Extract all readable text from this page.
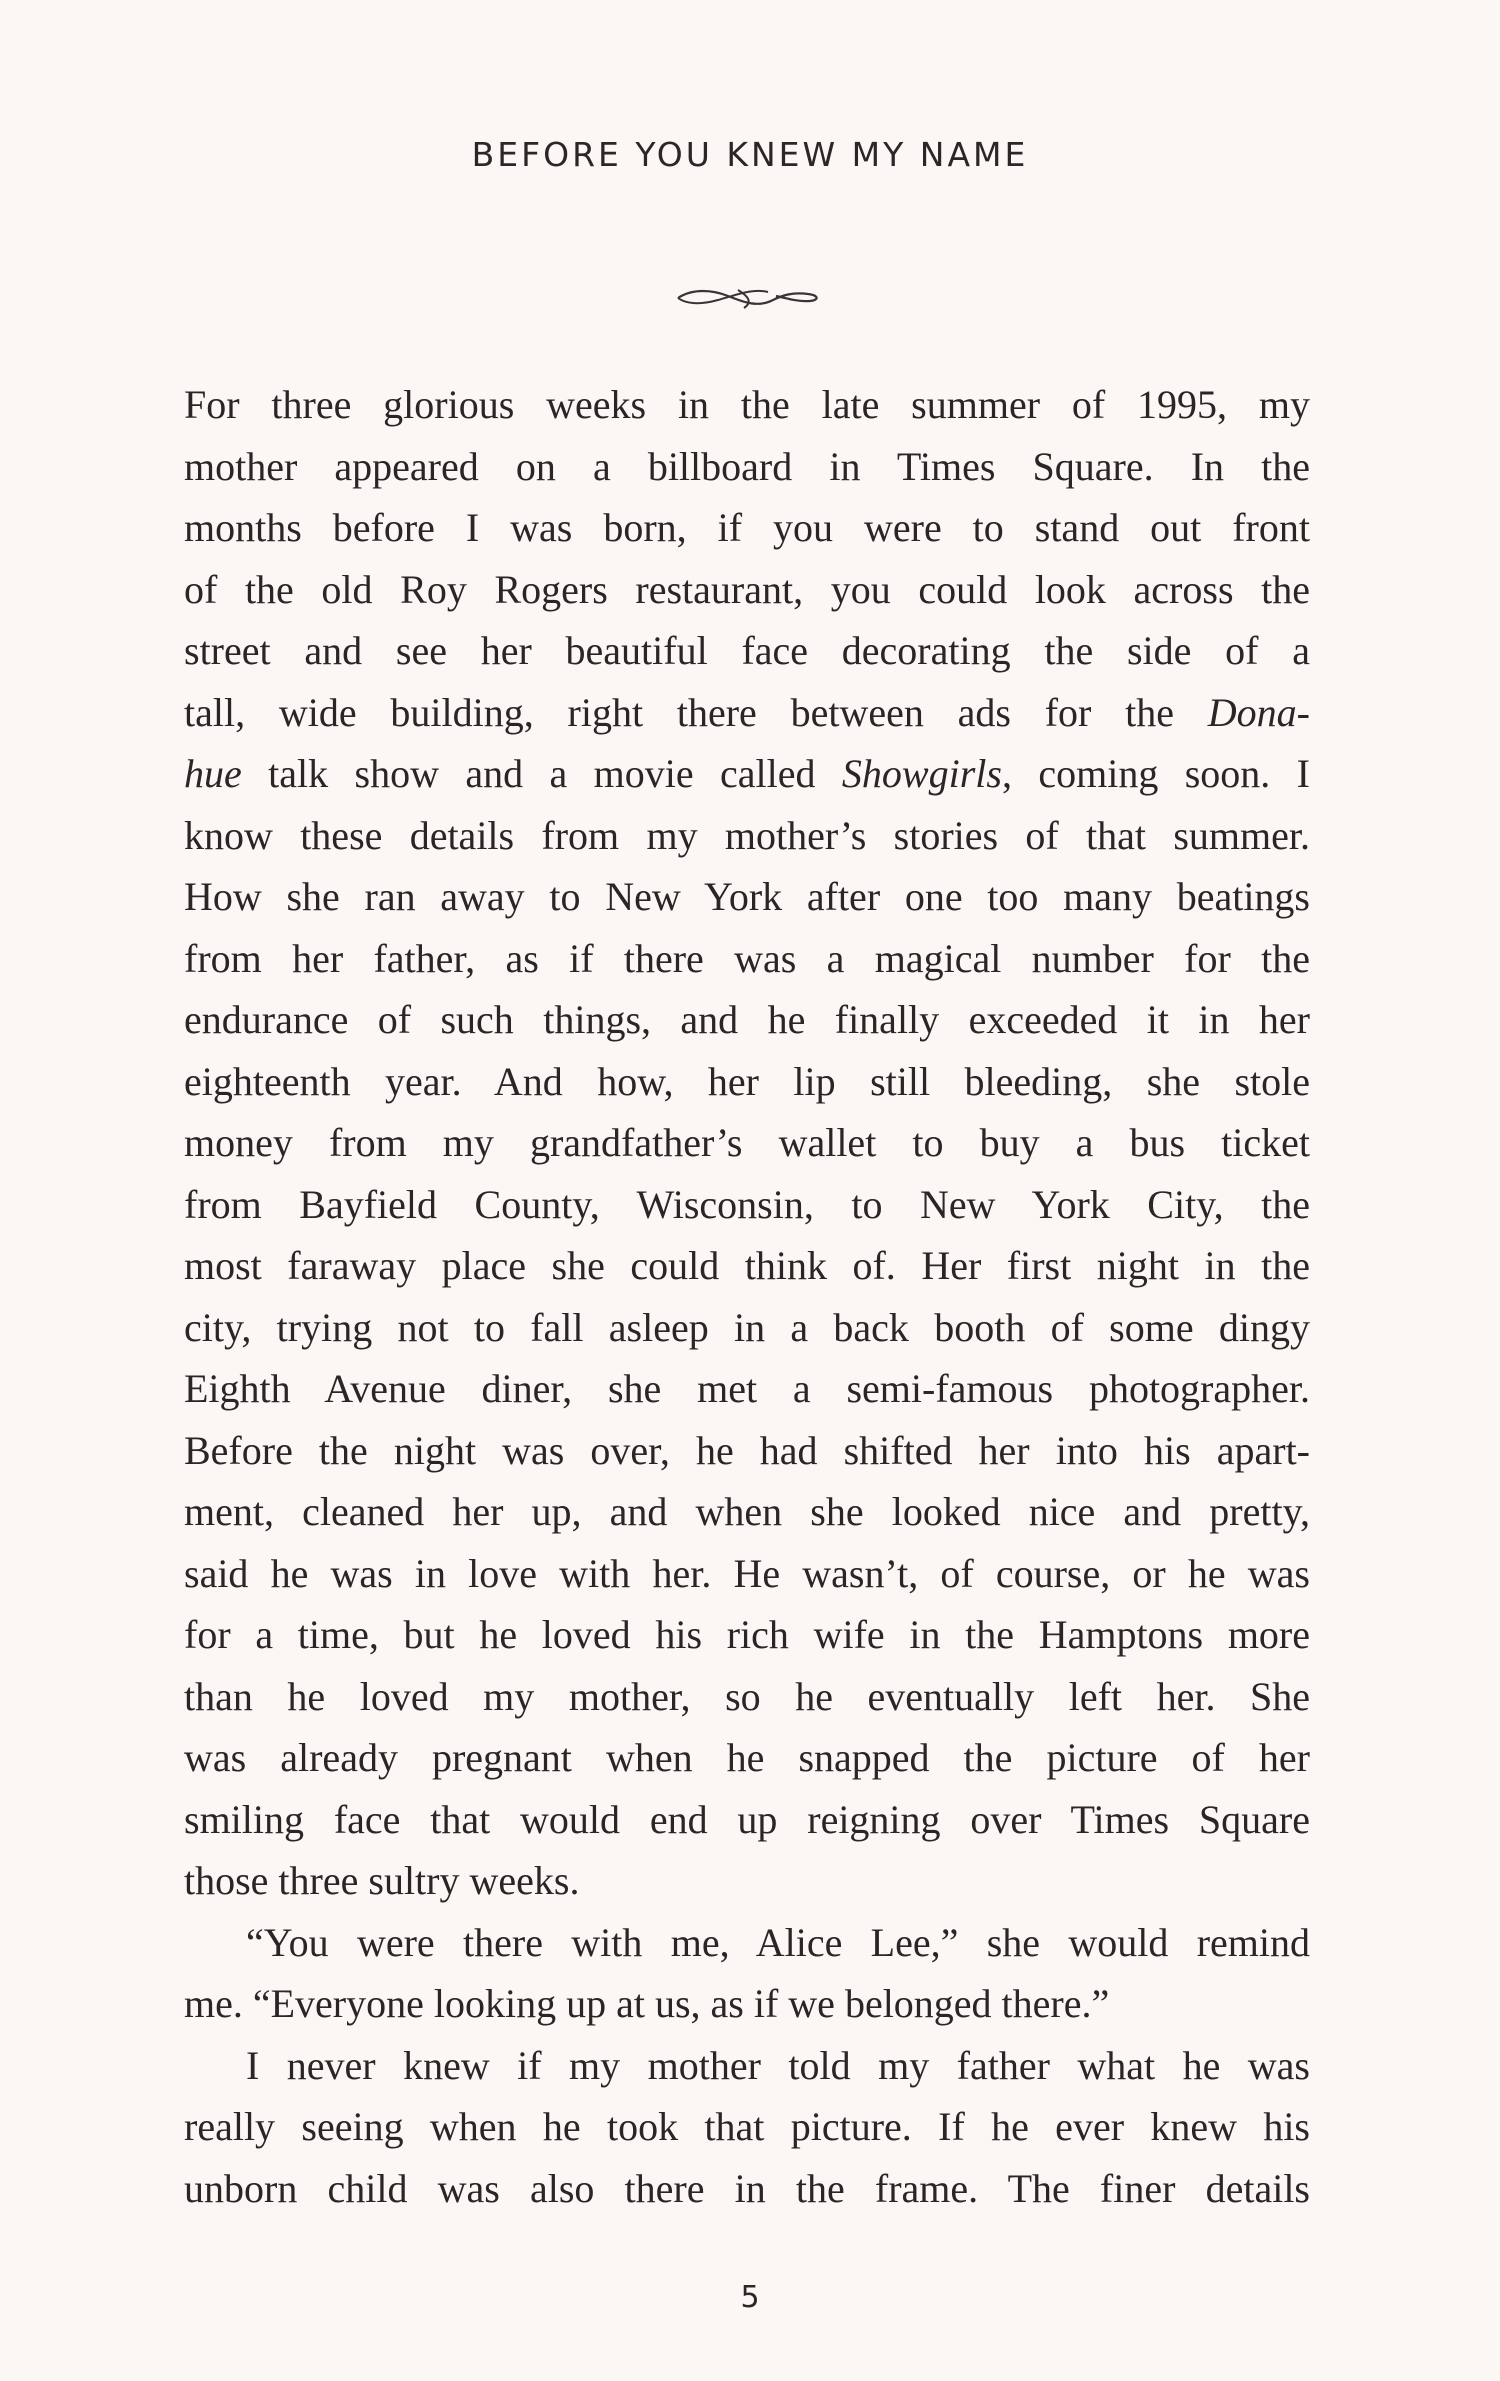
BEFORE YOU KNEW MY NAME
For three glorious weeks in the late summer of 1995, my
mother appeared on a billboard in Times Square. In the
months before I was born, if you were to stand out front
of the old Roy Rogers restaurant, you could look across the
street and see her beautiful face decorating the side of a
tall, wide building, right there between ads for the Dona-
hue talk show and a movie called Showgirls, coming soon. I
know these details from my mother’s stories of that summer.
How she ran away to New York after one too many beatings
from her father, as if there was a magical number for the
endurance of such things, and he finally exceeded it in her
eighteenth year. And how, her lip still bleeding, she stole
money from my grandfather’s wallet to buy a bus ticket
from Bayfield County, Wisconsin, to New York City, the
most faraway place she could think of. Her first night in the
city, trying not to fall asleep in a back booth of some dingy
Eighth Avenue diner, she met a semi-famous photographer.
Before the night was over, he had shifted her into his apart-
ment, cleaned her up, and when she looked nice and pretty,
said he was in love with her. He wasn’t, of course, or he was
for a time, but he loved his rich wife in the Hamptons more
than he loved my mother, so he eventually left her. She
was already pregnant when he snapped the picture of her
smiling face that would end up reigning over Times Square
those three sultry weeks.
“You were there with me, Alice Lee,” she would remind
me. “Everyone looking up at us, as if we belonged there.”
I never knew if my mother told my father what he was
really seeing when he took that picture. If he ever knew his
unborn child was also there in the frame. The finer details
5
